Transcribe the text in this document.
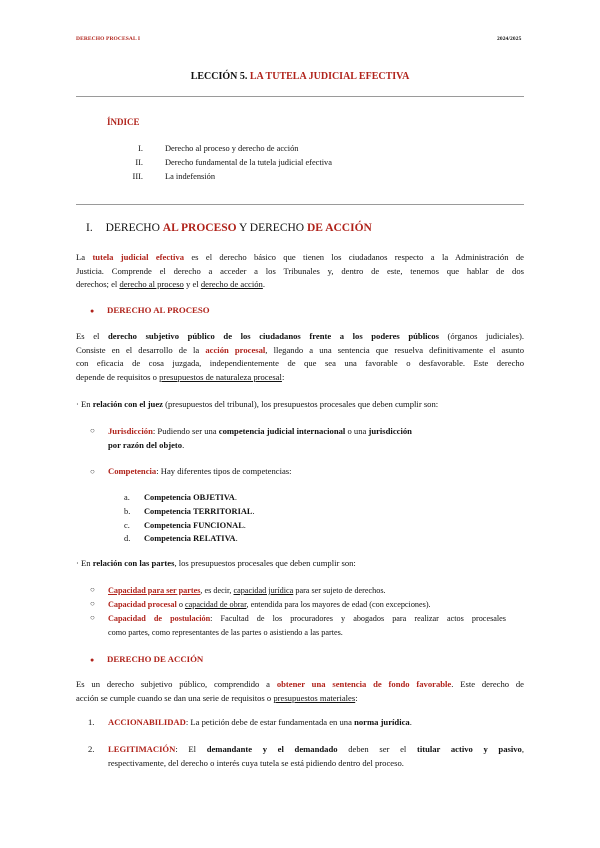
DERECHO PROCESAL I	2024/2025
LECCIÓN 5. LA TUTELA JUDICIAL EFECTIVA
ÍNDICE
I.	Derecho al proceso y derecho de acción
II.	Derecho fundamental de la tutela judicial efectiva
III.	La indefensión
I. DERECHO AL PROCESO Y DERECHO DE ACCIÓN
La tutela judicial efectiva es el derecho básico que tienen los ciudadanos respecto a la Administración de
Justicia. Comprende el derecho a acceder a los Tribunales y, dentro de este, tenemos que hablar de dos
derechos; el derecho al proceso y el derecho de acción.
● DERECHO AL PROCESO
Es el derecho subjetivo público de los ciudadanos frente a los poderes públicos (órganos judiciales).
Consiste en el desarrollo de la acción procesal, llegando a una sentencia que resuelva definitivamente el asunto
con eficacia de cosa juzgada, independientemente de que sea una favorable o desfavorable. Este derecho
depende de requisitos o presupuestos de naturaleza procesal:
· En relación con el juez (presupuestos del tribunal), los presupuestos procesales que deben cumplir son:
○ Jurisdicción: Pudiendo ser una competencia judicial internacional o una jurisdicción
por razón del objeto.
○ Competencia: Hay diferentes tipos de competencias:
a. Competencia OBJETIVA.
b. Competencia TERRITORIAL.
c. Competencia FUNCIONAL.
d. Competencia RELATIVA.
· En relación con las partes, los presupuestos procesales que deben cumplir son:
○ Capacidad para ser partes, es decir, capacidad jurídica para ser sujeto de derechos.
○ Capacidad procesal o capacidad de obrar, entendida para los mayores de edad (con excepciones).
○ Capacidad de postulación: Facultad de los procuradores y abogados para realizar actos procesales
como partes, como representantes de las partes o asistiendo a las partes.
● DERECHO DE ACCIÓN
Es un derecho subjetivo público, comprendido a obtener una sentencia de fondo favorable. Este derecho de
acción se cumple cuando se dan una serie de requisitos o presupuestos materiales:
1. ACCIONABILIDAD: La petición debe de estar fundamentada en una norma jurídica.
2. LEGITIMACIÓN: El demandante y el demandado deben ser el titular activo y pasivo,
respectivamente, del derecho o interés cuya tutela se está pidiendo dentro del proceso.
